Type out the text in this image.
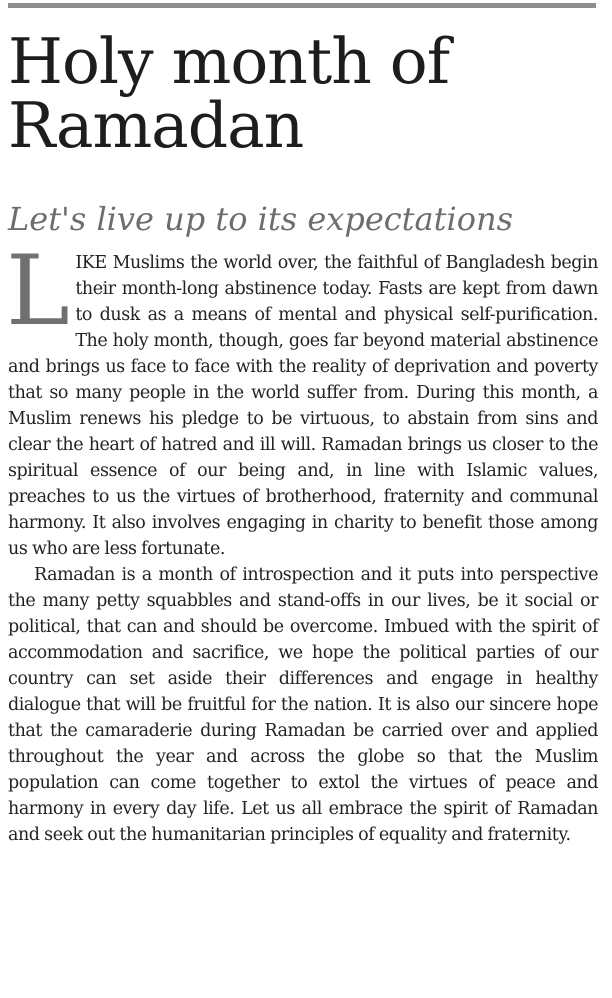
Holy month of
Ramadan
Let's live up to its expectations

LIKE Muslims the world over, the faithful of Bangladesh begin their month-long abstinence today. Fasts are kept from dawn to dusk as a means of mental and physical self-purification. The holy month, though, goes far beyond material abstinence and brings us face to face with the reality of deprivation and poverty that so many people in the world suffer from. During this month, a Muslim renews his pledge to be virtuous, to abstain from sins and clear the heart of hatred and ill will. Ramadan brings us closer to the spiritual essence of our being and, in line with Islamic values, preaches to us the virtues of brotherhood, fraternity and communal harmony. It also involves engaging in charity to benefit those among us who are less fortunate.

Ramadan is a month of introspection and it puts into perspective the many petty squabbles and stand-offs in our lives, be it social or political, that can and should be overcome. Imbued with the spirit of accommodation and sacrifice, we hope the political parties of our country can set aside their differences and engage in healthy dialogue that will be fruitful for the nation. It is also our sincere hope that the camaraderie during Ramadan be carried over and applied throughout the year and across the globe so that the Muslim population can come together to extol the virtues of peace and harmony in every day life. Let us all embrace the spirit of Ramadan and seek out the humanitarian principles of equality and fraternity.
